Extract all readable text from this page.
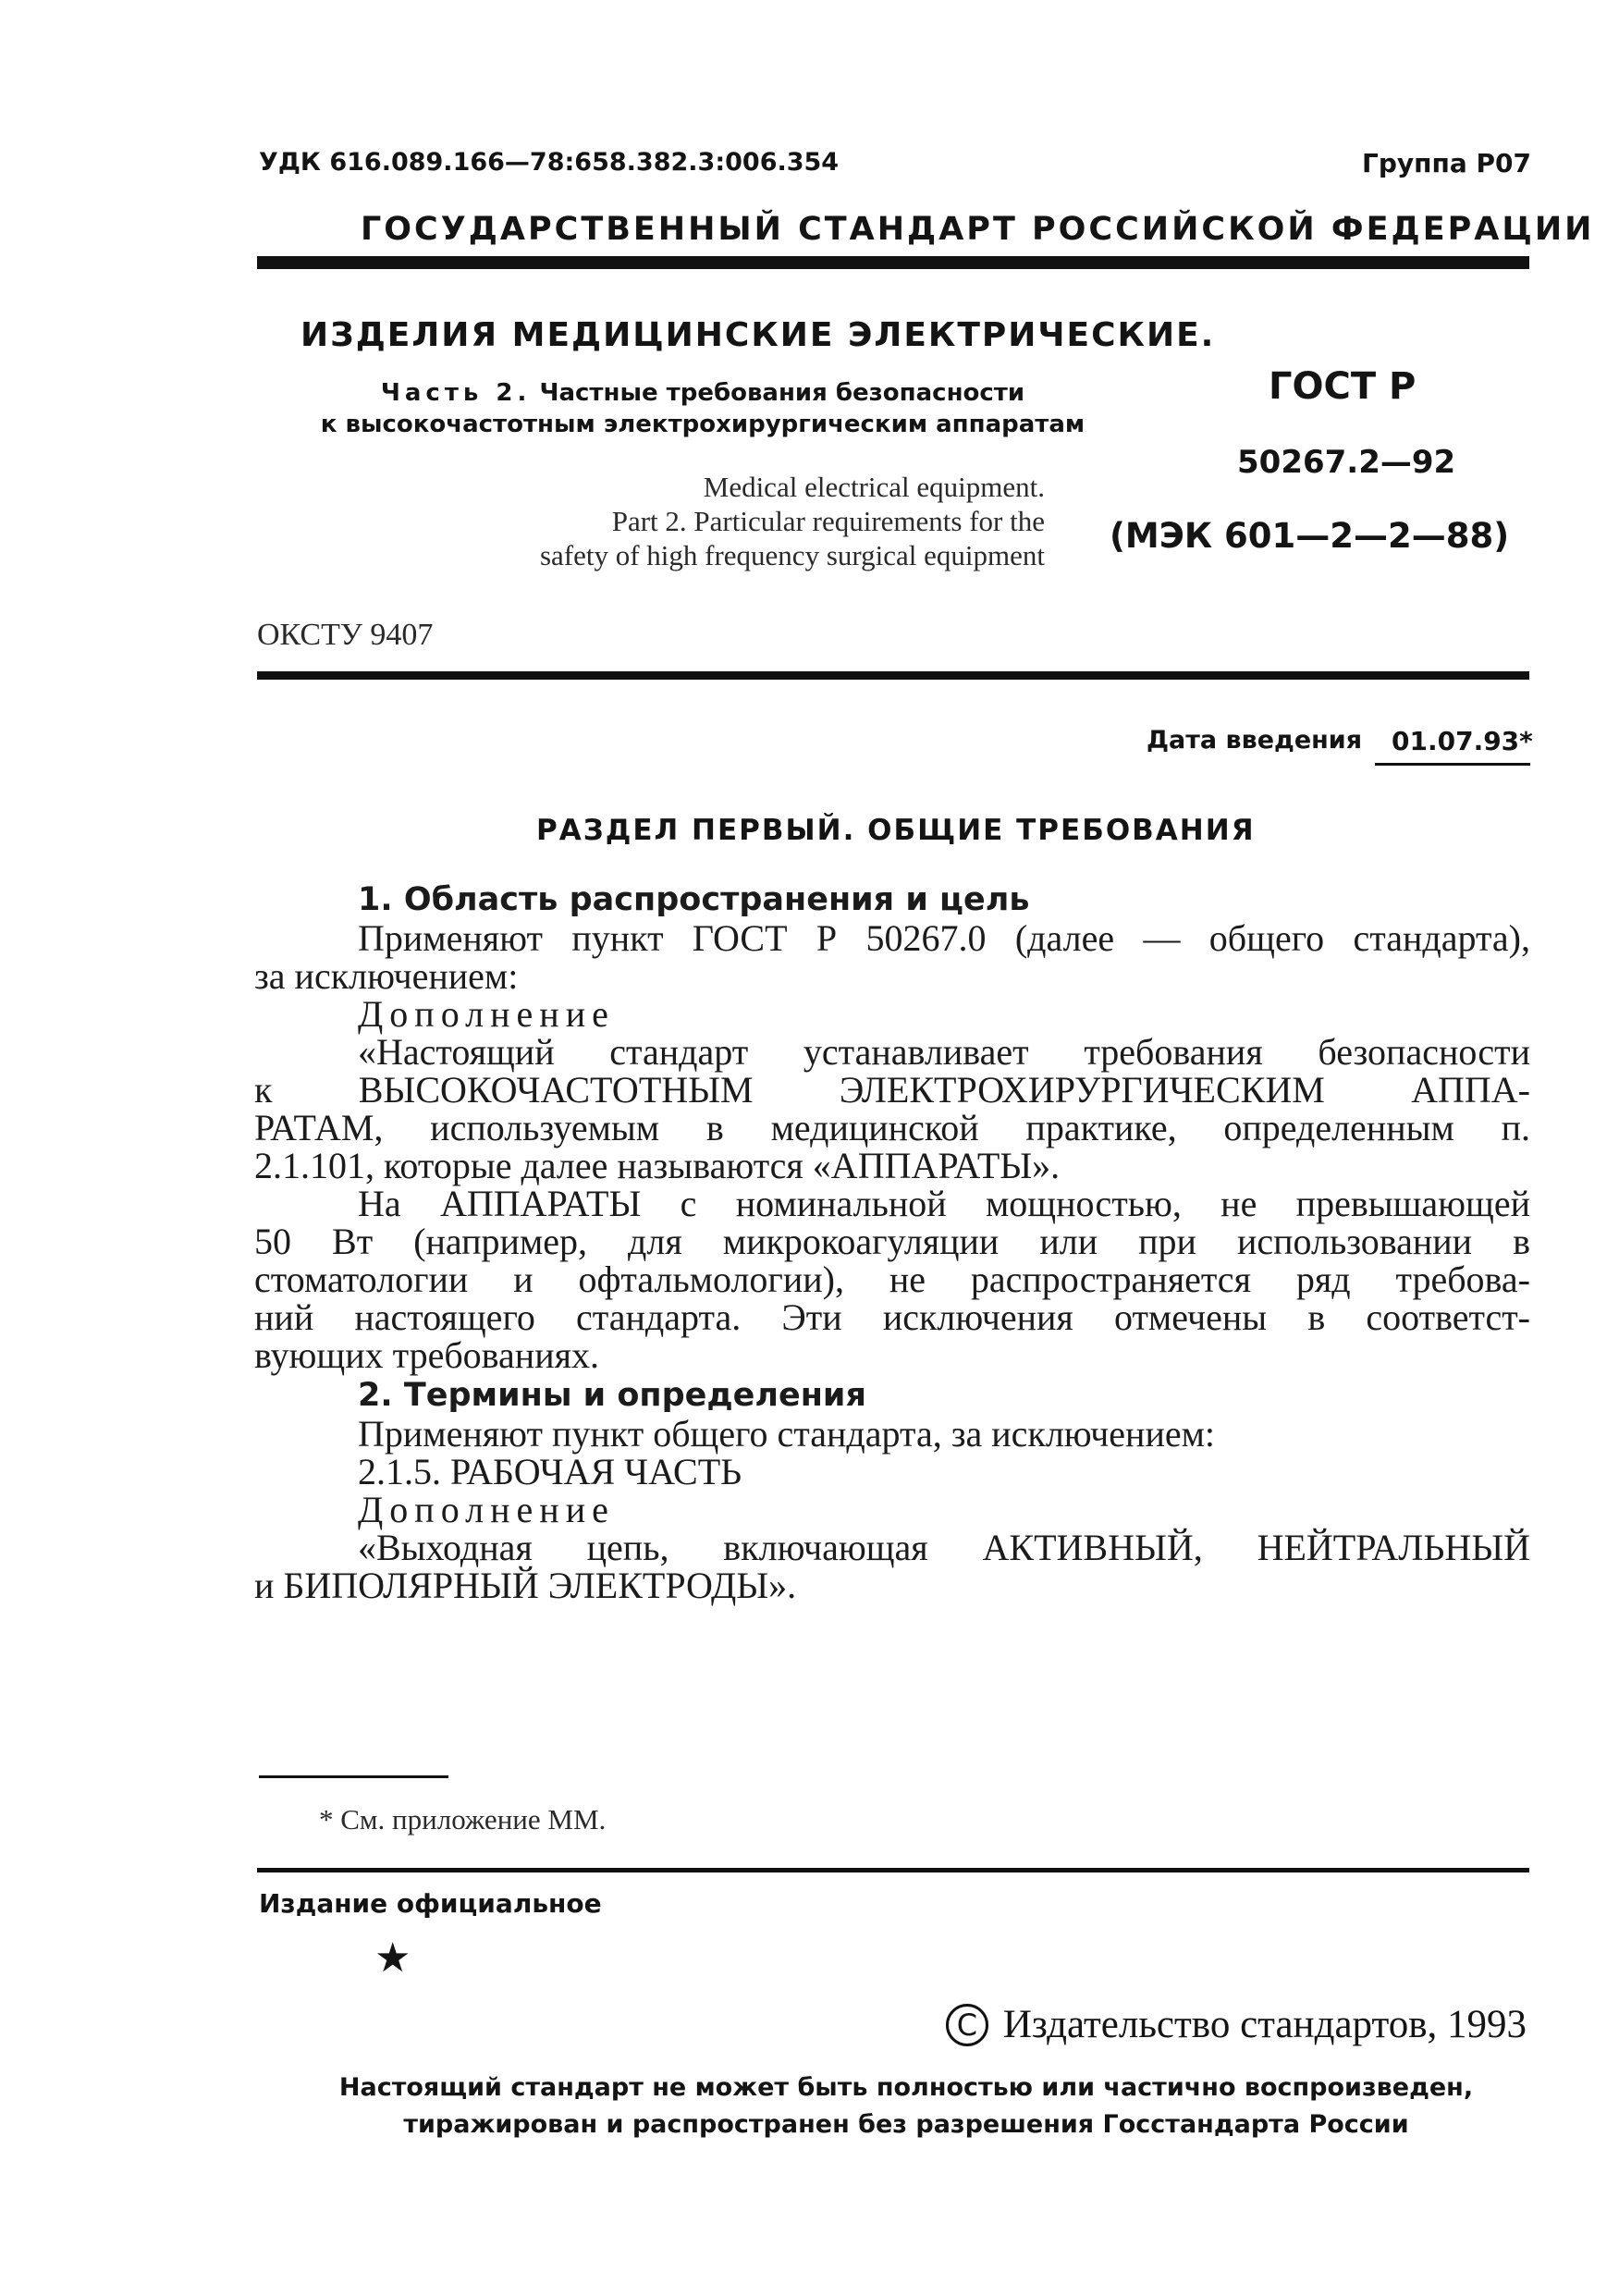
УДК 616.089.166—78:658.382.3:006.354	Группа Р07
ГОСУДАРСТВЕННЫЙ СТАНДАРТ РОССИЙСКОЙ ФЕДЕРАЦИИ
ИЗДЕЛИЯ МЕДИЦИНСКИЕ ЭЛЕКТРИЧЕСКИЕ.
Часть 2. Частные требования безопасности
к высокочастотным электрохирургическим аппаратам
Medical electrical equipment.
Part 2. Particular requirements for the
safety of high frequency surgical equipment
ГОСТ Р
50267.2—92
(МЭК 601—2—2—88)
ОКСТУ 9407
Дата введения 01.07.93*
РАЗДЕЛ ПЕРВЫЙ. ОБЩИЕ ТРЕБОВАНИЯ

1. Область распространения и цель

Применяют пункт ГОСТ Р 50267.0 (далее — общего стандарта),

за исключением:

Дополнение

«Настоящий стандарт устанавливает требования безопасности

к ВЫСОКОЧАСТОТНЫМ ЭЛЕКТРОХИРУРГИЧЕСКИМ АППА-

РАТАМ, используемым в медицинской практике, определенным п.

2.1.101, которые далее называются «АППАРАТЫ».

На АППАРАТЫ с номинальной мощностью, не превышающей

50 Вт (например, для микрокоагуляции или при использовании в

стоматологии и офтальмологии), не распространяется ряд требова-

ний настоящего стандарта. Эти исключения отмечены в соответст-

вующих требованиях.

2. Термины и определения

Применяют пункт общего стандарта, за исключением:

2.1.5. РАБОЧАЯ ЧАСТЬ

Дополнение

«Выходная цепь, включающая АКТИВНЫЙ, НЕЙТРАЛЬНЫЙ

и БИПОЛЯРНЫЙ ЭЛЕКТРОДЫ».

* См. приложение ММ.
Издание официальное
★
С Издательство стандартов, 1993
Настоящий стандарт не может быть полностью или частично воспроизведен,
тиражирован и распространен без разрешения Госстандарта России
